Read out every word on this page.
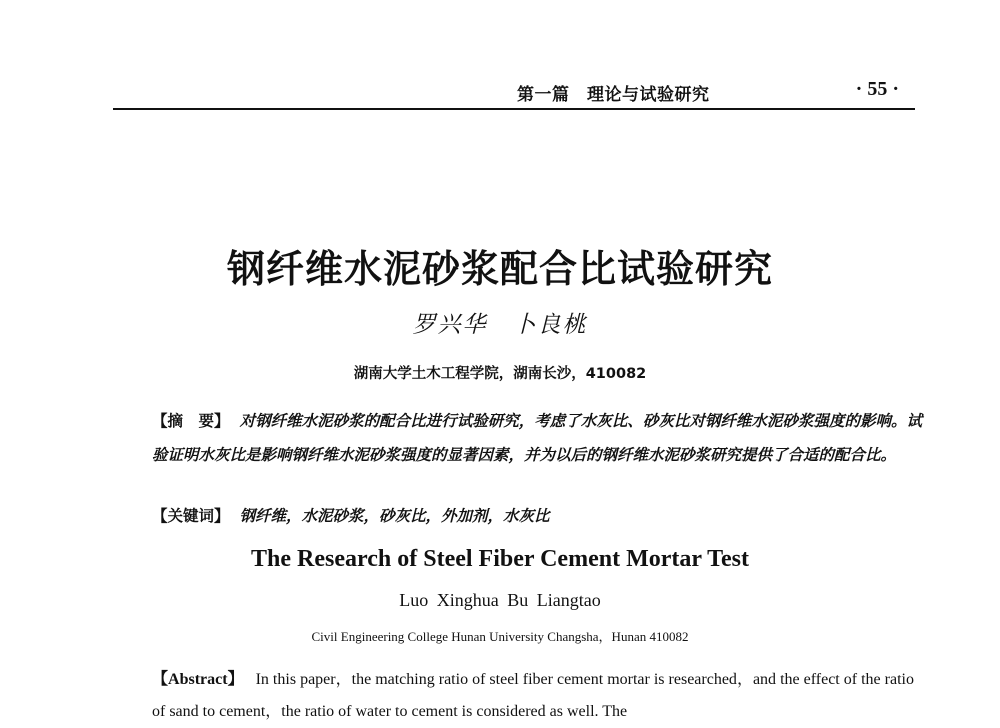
第一篇　理论与试验研究	· 55 ·
钢纤维水泥砂浆配合比试验研究
罗兴华　卜良桃
湖南大学土木工程学院，湖南长沙，410082

【摘　要】 对钢纤维水泥砂浆的配合比进行试验研究，考虑了水灰比、砂灰比对钢纤维水泥砂浆强度的影响。试验证明水灰比是影响钢纤维水泥砂浆强度的显著因素，并为以后的钢纤维水泥砂浆研究提供了合适的配合比。

【关键词】 钢纤维，水泥砂浆，砂灰比，外加剂，水灰比

The Research of Steel Fiber Cement Mortar Test
Luo Xinghua Bu Liangtao
Civil Engineering College Hunan University Changsha，Hunan 410082

【Abstract】 In this paper，the matching ratio of steel fiber cement mortar is researched，and the effect of the ratio of sand to cement，the ratio of water to cement is considered as well. The
